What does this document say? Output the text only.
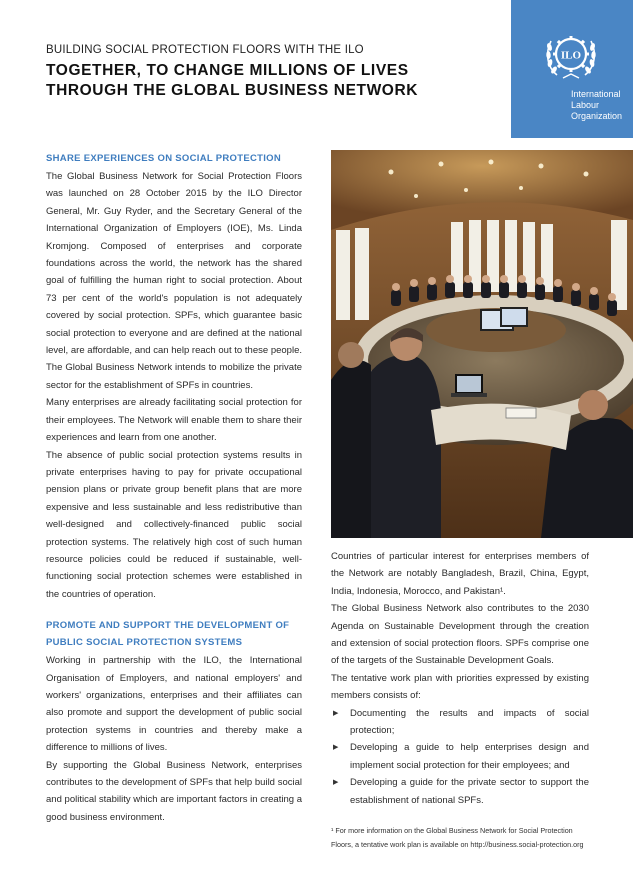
BUILDING SOCIAL PROTECTION FLOORS WITH THE ILO

TOGETHER, TO CHANGE MILLIONS OF LIVES
THROUGH THE GLOBAL BUSINESS NETWORK
ILO
International
Labour
Organization
SHARE EXPERIENCES ON SOCIAL PROTECTION

The Global Business Network for Social Protection Floors was launched on 28 October 2015 by the ILO Director General, Mr. Guy Ryder, and the Secretary General of the International Organization of Employers (IOE), Ms. Linda Kromjong. Composed of enterprises and corporate foundations across the world, the network has the shared goal of fulfilling the human right to social protection. About 73 per cent of the world's population is not adequately covered by social protection. SPFs, which guarantee basic social protection to everyone and are defined at the national level, are affordable, and can help reach out to these people. The Global Business Network intends to mobilize the private sector for the establishment of SPFs in countries.

Many enterprises are already facilitating social protection for their employees. The Network will enable them to share their experiences and learn from one another.

The absence of public social protection systems results in private enterprises having to pay for private occupational pension plans or private group benefit plans that are more expensive and less sustainable and less redistributive than well-designed and collectively-financed public social protection systems. The relatively high cost of such human resource policies could be reduced if sustainable, well-functioning social protection schemes were established in the countries of operation.

PROMOTE AND SUPPORT THE DEVELOPMENT OF PUBLIC SOCIAL PROTECTION SYSTEMS

Working in partnership with the ILO, the International Organisation of Employers, and national employers' and workers' organizations, enterprises and their affiliates can also promote and support the development of public social protection systems in countries and thereby make a difference to millions of lives.

By supporting the Global Business Network, enterprises contributes to the development of SPFs that help build social and political stability which are important factors in creating a good business environment.

Countries of particular interest for enterprises members of the Network are notably Bangladesh, Brazil, China, Egypt, India, Indonesia, Morocco, and Pakistan¹.

The Global Business Network also contributes to the 2030 Agenda on Sustainable Development through the creation and extension of social protection floors. SPFs comprise one of the targets of the Sustainable Development Goals.

The tentative work plan with priorities expressed by existing members consists of:

▶ Documenting the results and impacts of social protection;
▶ Developing a guide to help enterprises design and implement social protection for their employees; and
▶ Developing a guide for the private sector to support the establishment of national SPFs.
¹ For more information on the Global Business Network for Social Protection Floors, a tentative work plan is available on http://business.social-protection.org
